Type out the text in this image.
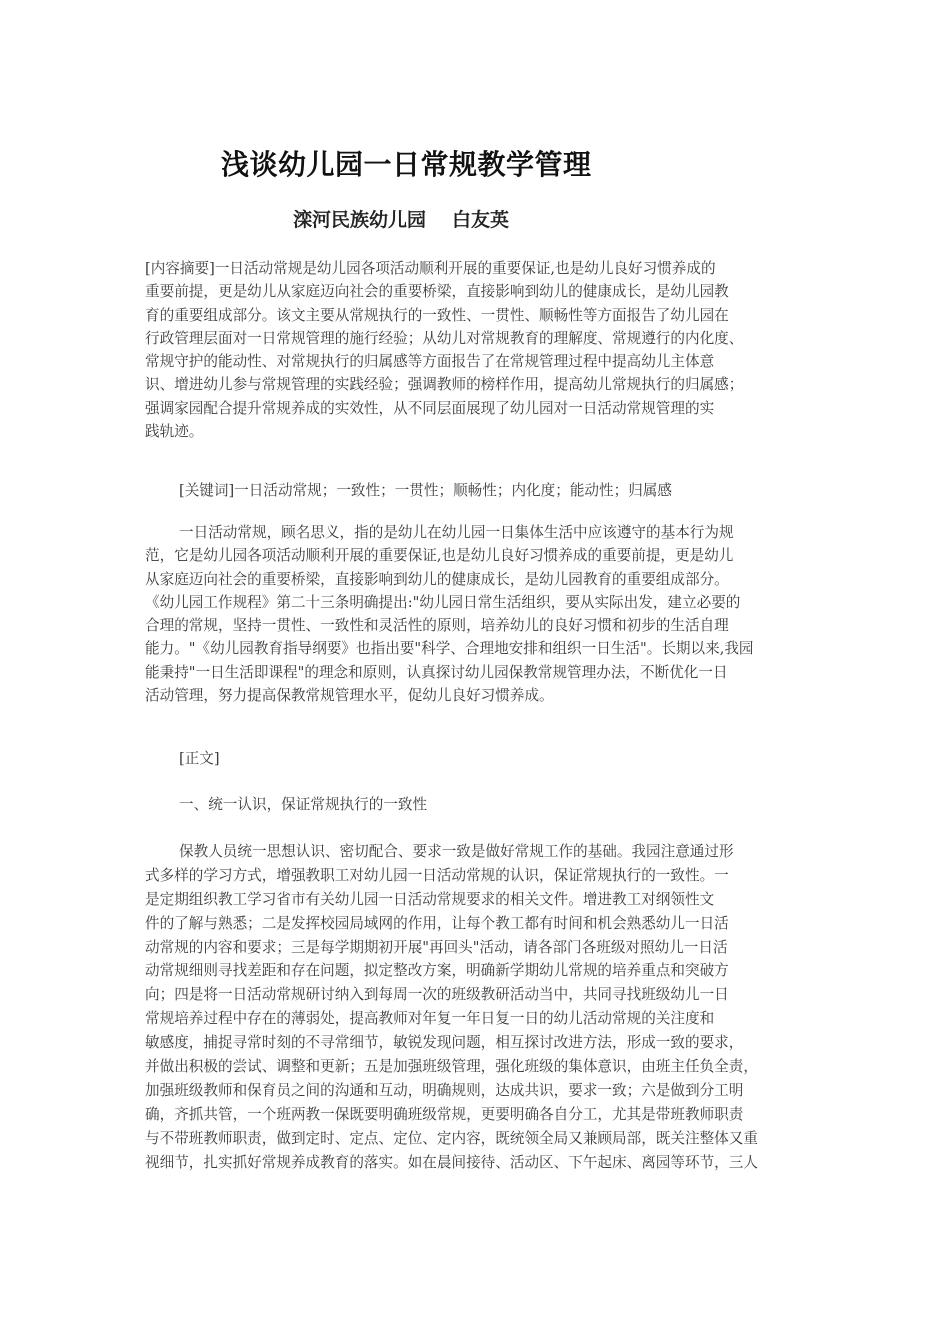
浅谈幼儿园一日常规教学管理
滦河民族幼儿园 白友英
[内容摘要]一日活动常规是幼儿园各项活动顺利开展的重要保证,也是幼儿良好习惯养成的
重要前提，更是幼儿从家庭迈向社会的重要桥梁，直接影响到幼儿的健康成长，是幼儿园教
育的重要组成部分。该文主要从常规执行的一致性、一贯性、顺畅性等方面报告了幼儿园在
行政管理层面对一日常规管理的施行经验；从幼儿对常规教育的理解度、常规遵行的内化度、
常规守护的能动性、对常规执行的归属感等方面报告了在常规管理过程中提高幼儿主体意
识、增进幼儿参与常规管理的实践经验；强调教师的榜样作用，提高幼儿常规执行的归属感；
强调家园配合提升常规养成的实效性，从不同层面展现了幼儿园对一日活动常规管理的实
践轨迹。
[关键词]一日活动常规；一致性；一贯性；顺畅性；内化度；能动性；归属感
一日活动常规，顾名思义，指的是幼儿在幼儿园一日集体生活中应该遵守的基本行为规
范，它是幼儿园各项活动顺利开展的重要保证,也是幼儿良好习惯养成的重要前提，更是幼儿
从家庭迈向社会的重要桥梁，直接影响到幼儿的健康成长，是幼儿园教育的重要组成部分。
《幼儿园工作规程》第二十三条明确提出:"幼儿园日常生活组织，要从实际出发，建立必要的
合理的常规，坚持一贯性、一致性和灵活性的原则，培养幼儿的良好习惯和初步的生活自理
能力。"《幼儿园教育指导纲要》也指出要"科学、合理地安排和组织一日生活"。长期以来,我园
能秉持"一日生活即课程"的理念和原则，认真探讨幼儿园保教常规管理办法，不断优化一日
活动管理，努力提高保教常规管理水平，促幼儿良好习惯养成。
[正文]
一、统一认识，保证常规执行的一致性
保教人员统一思想认识、密切配合、要求一致是做好常规工作的基础。我园注意通过形
式多样的学习方式，增强教职工对幼儿园一日活动常规的认识，保证常规执行的一致性。一
是定期组织教工学习省市有关幼儿园一日活动常规要求的相关文件。增进教工对纲领性文
件的了解与熟悉；二是发挥校园局域网的作用，让每个教工都有时间和机会熟悉幼儿一日活
动常规的内容和要求；三是每学期期初开展"再回头"活动，请各部门各班级对照幼儿一日活
动常规细则寻找差距和存在问题，拟定整改方案，明确新学期幼儿常规的培养重点和突破方
向；四是将一日活动常规研讨纳入到每周一次的班级教研活动当中，共同寻找班级幼儿一日
常规培养过程中存在的薄弱处，提高教师对年复一年日复一日的幼儿活动常规的关注度和
敏感度，捕捉寻常时刻的不寻常细节，敏锐发现问题，相互探讨改进方法，形成一致的要求，
并做出积极的尝试、调整和更新；五是加强班级管理，强化班级的集体意识，由班主任负全责，
加强班级教师和保育员之间的沟通和互动，明确规则，达成共识，要求一致；六是做到分工明
确，齐抓共管，一个班两教一保既要明确班级常规，更要明确各自分工，尤其是带班教师职责
与不带班教师职责，做到定时、定点、定位、定内容，既统领全局又兼顾局部，既关注整体又重
视细节，扎实抓好常规养成教育的落实。如在晨间接待、活动区、下午起床、离园等环节，三人
